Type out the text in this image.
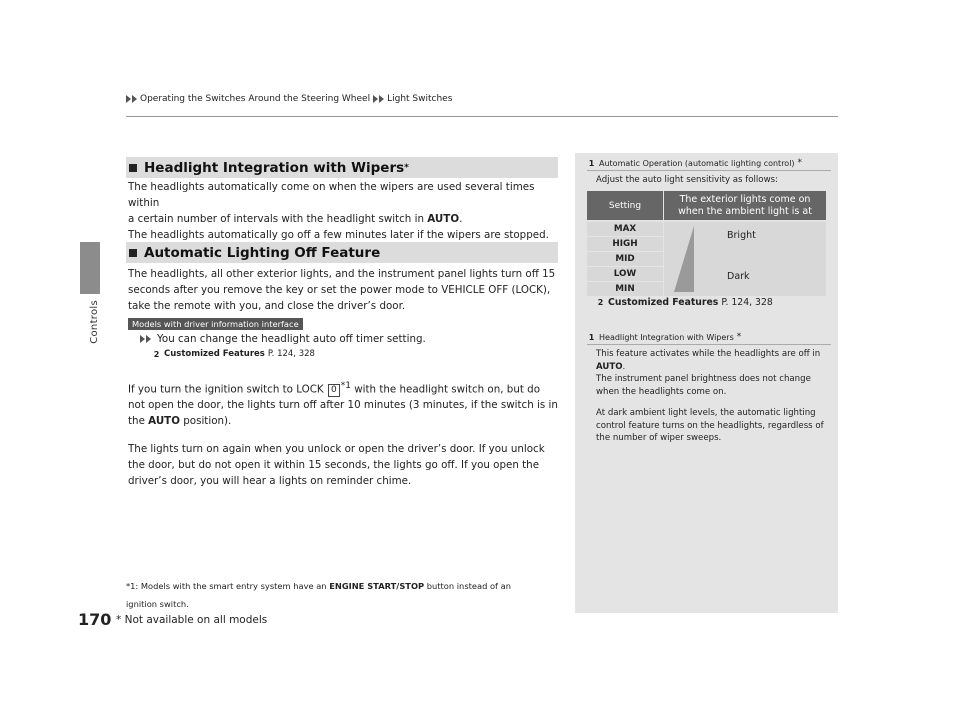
Controls
170
Operating the Switches Around the Steering Wheel Light Switches
Headlight Integration with Wipers *
The headlights automatically come on when the wipers are used several times within
a certain number of intervals with the headlight switch in AUTO.
The headlights automatically go off a few minutes later if the wipers are stopped.
Automatic Lighting Off Feature
The headlights, all other exterior lights, and the instrument panel lights turn off 15
seconds after you remove the key or set the power mode to VEHICLE OFF (LOCK),
take the remote with you, and close the driver’s door.
Models with driver information interface
You can change the headlight auto off timer setting.
2 Customized Features P. 124, 328
If you turn the ignition switch to LOCK 0 *1 with the headlight switch on, but do
not open the door, the lights turn off after 10 minutes (3 minutes, if the switch is in
the AUTO position).
The lights turn on again when you unlock or open the driver’s door. If you unlock
the door, but do not open it within 15 seconds, the lights go off. If you open the
driver’s door, you will hear a lights on reminder chime.
*1: Models with the smart entry system have an ENGINE START/STOP button instead of an
ignition switch.
* Not available on all models
1 Automatic Operation (automatic lighting control) *
Adjust the auto light sensitivity as follows:
Setting
The exterior lights come on
when the ambient light is at
MAX
HIGH
MID
LOW
MIN
Bright
Dark
2 Customized Features P. 124, 328
1 Headlight Integration with Wipers *
This feature activates while the headlights are off in
AUTO.
The instrument panel brightness does not change
when the headlights come on.
At dark ambient light levels, the automatic lighting
control feature turns on the headlights, regardless of
the number of wiper sweeps.
